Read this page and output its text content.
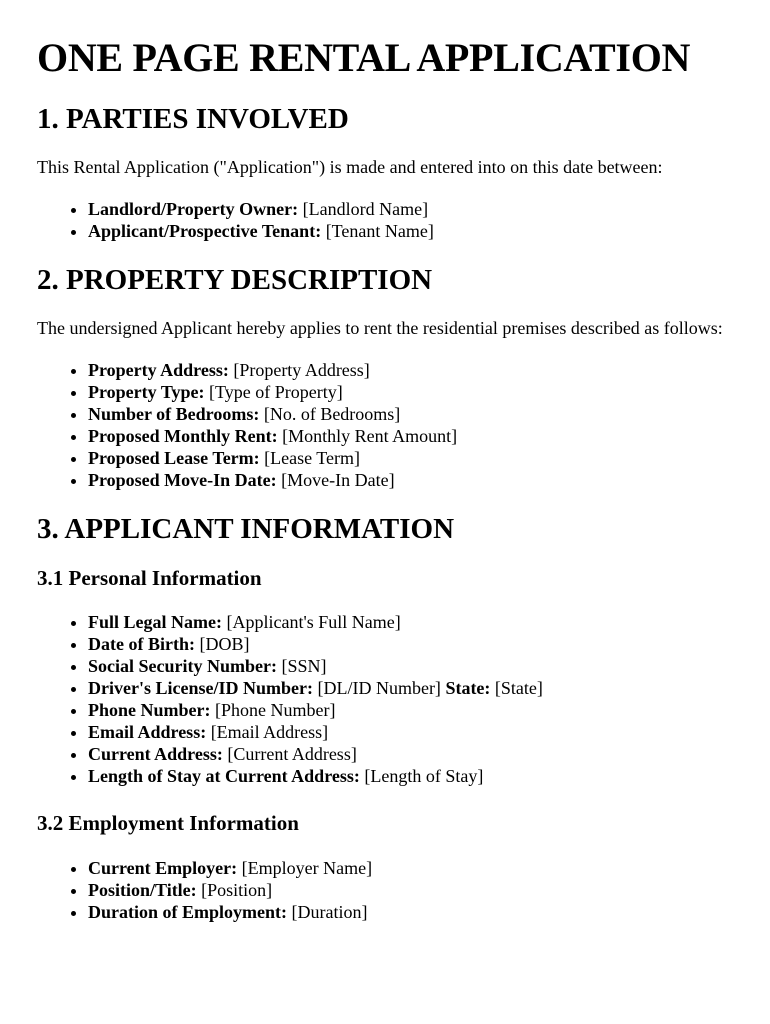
ONE PAGE RENTAL APPLICATION
1. PARTIES INVOLVED

This Rental Application ("Application") is made and entered into on this date between:

• Landlord/Property Owner: [Landlord Name]
• Applicant/Prospective Tenant: [Tenant Name]
2. PROPERTY DESCRIPTION

The undersigned Applicant hereby applies to rent the residential premises described as follows:

• Property Address: [Property Address]
• Property Type: [Type of Property]
• Number of Bedrooms: [No. of Bedrooms]
• Proposed Monthly Rent: [Monthly Rent Amount]
• Proposed Lease Term: [Lease Term]
• Proposed Move-In Date: [Move-In Date]
3. APPLICANT INFORMATION
3.1 Personal Information
• Full Legal Name: [Applicant's Full Name]
• Date of Birth: [DOB]
• Social Security Number: [SSN]
• Driver's License/ID Number: [DL/ID Number] State: [State]
• Phone Number: [Phone Number]
• Email Address: [Email Address]
• Current Address: [Current Address]
• Length of Stay at Current Address: [Length of Stay]
3.2 Employment Information
• Current Employer: [Employer Name]
• Position/Title: [Position]
• Duration of Employment: [Duration]
